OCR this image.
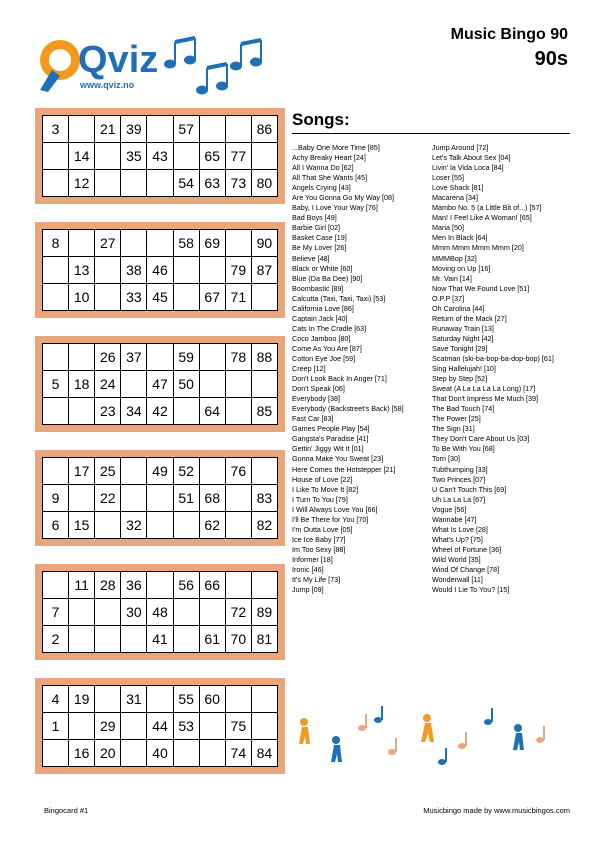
Qviz
www.qviz.no
Music Bingo 90
90s
3		21	39		57			86
	14		35	43		65	77	
	12				54	63	73	80
8		27			58	69		90
	13		38	46			79	87
	10		33	45		67	71	
		26	37		59		78	88
5	18	24		47	50			
		23	34	42		64		85
	17	25		49	52		76	
9		22			51	68		83
6	15		32			62		82
	11	28	36		56	66		
7			30	48			72	89
2				41		61	70	81
4	19		31		55	60		
1		29		44	53		75	
	16	20		40			74	84
Songs:
...Baby One More Time [85]
Achy Breaky Heart [24]
All I Wanna Do [62]
All That She Wants [45]
Angels Crying [43]
Are You Gonna Go My Way [08]
Baby, I Love Your Way [76]
Bad Boys [49]
Barbie Girl [02]
Basket Case [19]
Be My Lover [26]
Believe [48]
Black or White [60]
Blue (Da Ba Dee) [90]
Boombastic [89]
Calcutta (Taxi, Taxi, Taxi) [53]
California Love [86]
Captain Jack [40]
Cats In The Cradle [63]
Coco Jamboo [80]
Come As You Are [87]
Cotton Eye Joe [59]
Creep [12]
Don't Look Back In Anger [71]
Don't Speak [06]
Everybody [38]
Everybody (Backstreet's Back) [58]
Fast Car [83]
Games People Play [54]
Gangsta's Paradise [41]
Gettin' Jiggy Wit It [01]
Gonna Make You Sweat [23]
Here Comes the Hotstepper [21]
House of Love [22]
I Like To Move It [82]
I Turn To You [79]
I Will Always Love You [66]
I'll Be There for You [70]
I'm Outta Love [05]
Ice Ice Baby [77]
Im Too Sexy [88]
Informer [18]
Ironic [46]
It's My Life [73]
Jump [09]
Jump Around [72]
Let's Talk About Sex [04]
Livin' la Vida Loca [84]
Loser [55]
Love Shack [81]
Macarena [34]
Mambo No. 5 (a Little Bit of...) [57]
Man! I Feel Like A Woman! [65]
Maria [50]
Men In Black [64]
Mmm Mmm Mmm Mmm [20]
MMMBop [32]
Moving on Up [16]
Mr. Vain [14]
Now That We Found Love [51]
O.P.P [37]
Oh Carolina [44]
Return of the Mack [27]
Runaway Train [13]
Saturday Night [42]
Save Tonight [29]
Scatman (ski-ba-bop-ba-dop-bop) [61]
Sing Hallelujah! [10]
Step by Step [52]
Sweat (A La La La La Long) [17]
That Don't Impress Me Much [39]
The Bad Touch [74]
The Power [25]
The Sign [31]
They Don't Care About Us [03]
To Be With You [68]
Torn [30]
Tubthumping [33]
Two Princes [07]
U Can't Touch This [69]
Uh La La La [67]
Vogue [56]
Wannabe [47]
What Is Love [28]
What's Up? [75]
Wheel of Fortune [36]
Wild World [35]
Wind Of Change [78]
Wonderwall [11]
Would I Lie To You? [15]
Bingocard #1	Musicbingo made by www.musicbingos.com
